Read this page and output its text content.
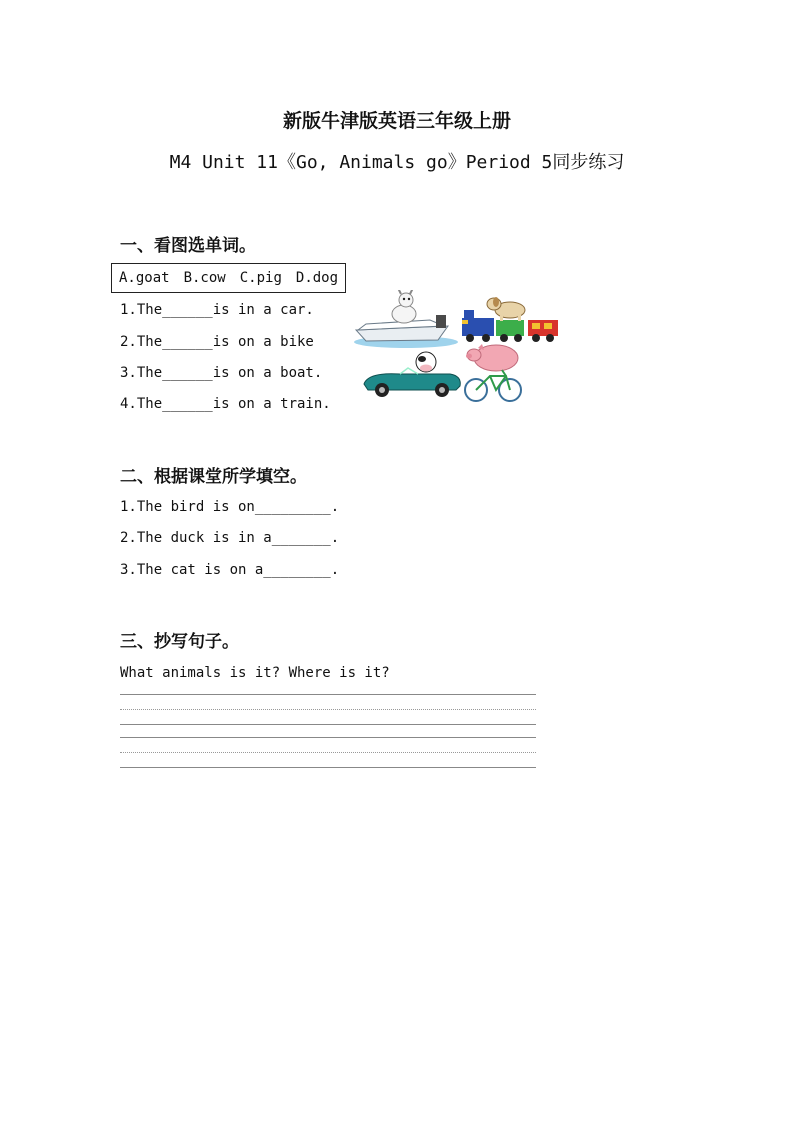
新版牛津版英语三年级上册
M4 Unit 11《Go, Animals go》Period 5同步练习
一、看图选单词。
A.goat B.cow C.pig D.dog
1.The______is in a car.
2.The______is on a bike
3.The______is on a boat.
4.The______is on a train.
二、根据课堂所学填空。
1.The bird is on_________.
2.The duck is in a_______.
3.The cat is on a________.
三、抄写句子。
What animals is it? Where is it?
